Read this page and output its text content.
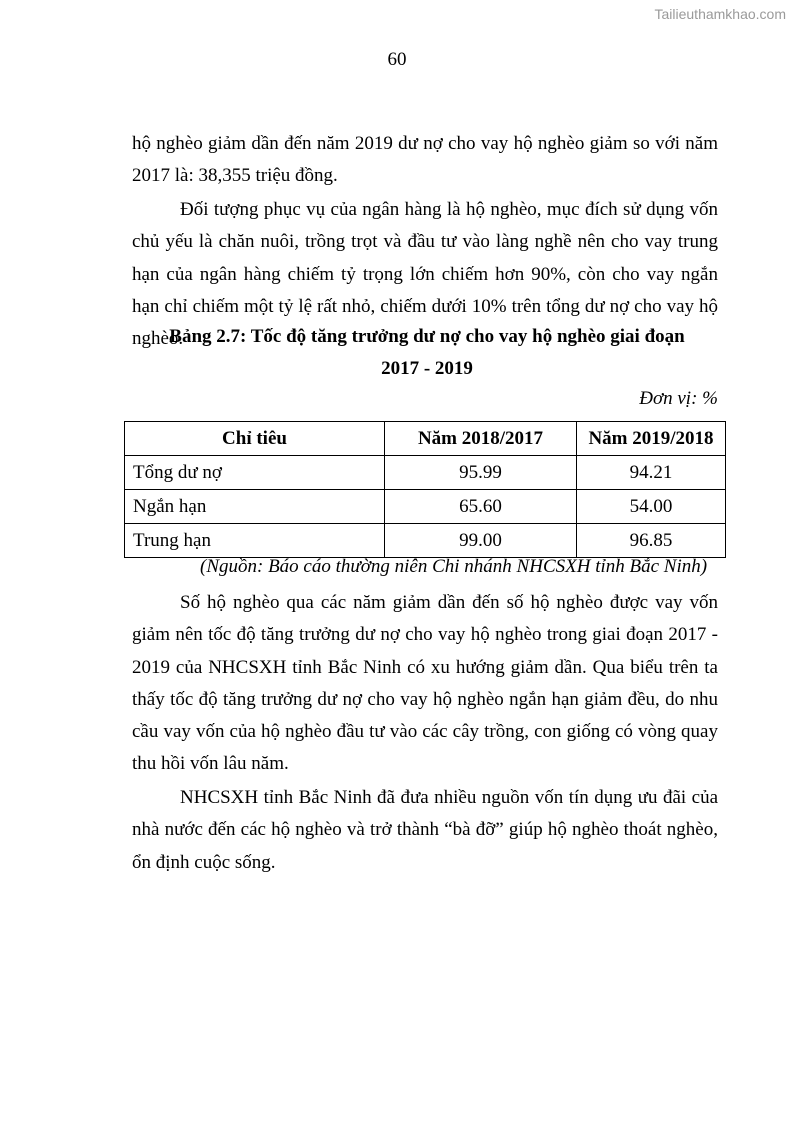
Tailieuthamkhao.com
60

hộ nghèo giảm dần đến năm 2019 dư nợ cho vay hộ nghèo giảm so với năm 2017 là: 38,355 triệu đồng.

Đối tượng phục vụ của ngân hàng là hộ nghèo, mục đích sử dụng vốn chủ yếu là chăn nuôi, trồng trọt và đầu tư vào làng nghề nên cho vay trung hạn của ngân hàng chiếm tỷ trọng lớn chiếm hơn 90%, còn cho vay ngắn hạn chỉ chiếm một tỷ lệ rất nhỏ, chiếm dưới 10% trên tổng dư nợ cho vay hộ nghèo.

Bảng 2.7: Tốc độ tăng trưởng dư nợ cho vay hộ nghèo giai đoạn
2017 - 2019
Đơn vị: %
Chỉ tiêu	Năm 2018/2017	Năm 2019/2018
Tổng dư nợ	95.99	94.21
Ngắn hạn	65.60	54.00
Trung hạn	99.00	96.85
(Nguồn: Báo cáo thường niên Chi nhánh NHCSXH tỉnh Bắc Ninh)

Số hộ nghèo qua các năm giảm dần đến số hộ nghèo được vay vốn giảm nên tốc độ tăng trưởng dư nợ cho vay hộ nghèo trong giai đoạn 2017 - 2019 của NHCSXH tỉnh Bắc Ninh có xu hướng giảm dần. Qua biểu trên ta thấy tốc độ tăng trưởng dư nợ cho vay hộ nghèo ngắn hạn giảm đều, do nhu cầu vay vốn của hộ nghèo đầu tư vào các cây trồng, con giống có vòng quay thu hồi vốn lâu năm.

NHCSXH tỉnh Bắc Ninh đã đưa nhiều nguồn vốn tín dụng ưu đãi của nhà nước đến các hộ nghèo và trở thành “bà đỡ” giúp hộ nghèo thoát nghèo, ổn định cuộc sống.
